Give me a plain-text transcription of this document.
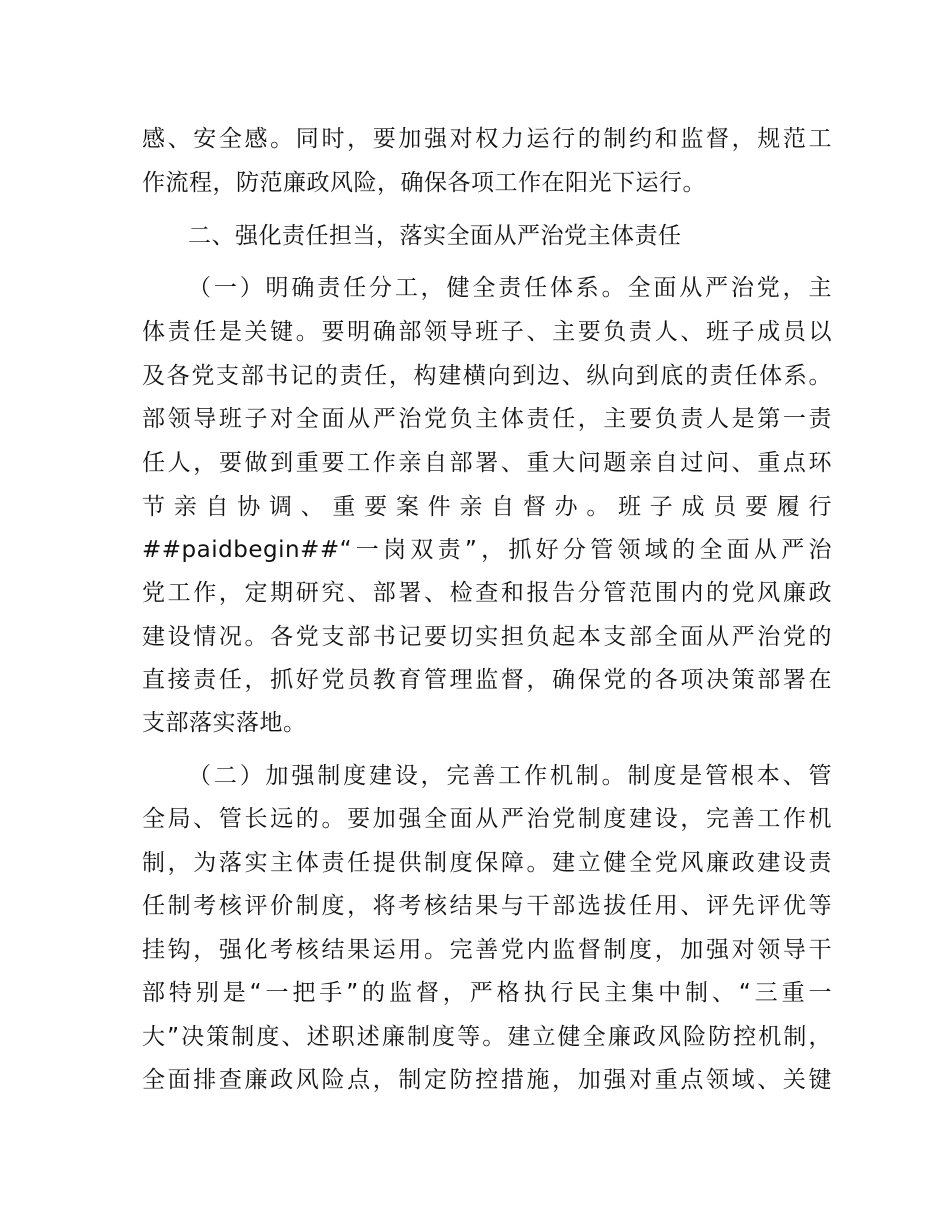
感、安全感。同时，要加强对权力运行的制约和监督，规范工
作流程，防范廉政风险，确保各项工作在阳光下运行。
二、强化责任担当，落实全面从严治党主体责任
（一）明确责任分工，健全责任体系。全面从严治党，主
体责任是关键。要明确部领导班子、主要负责人、班子成员以
及各党支部书记的责任，构建横向到边、纵向到底的责任体系。
部领导班子对全面从严治党负主体责任，主要负责人是第一责
任人，要做到重要工作亲自部署、重大问题亲自过问、重点环
节 亲 自 协 调 、 重 要 案 件 亲 自 督 办 。 班 子 成 员 要 履 行
##paidbegin##“一岗双责”，抓好分管领域的全面从严治
党工作，定期研究、部署、检查和报告分管范围内的党风廉政
建设情况。各党支部书记要切实担负起本支部全面从严治党的
直接责任，抓好党员教育管理监督，确保党的各项决策部署在
支部落实落地。
（二）加强制度建设，完善工作机制。制度是管根本、管
全局、管长远的。要加强全面从严治党制度建设，完善工作机
制，为落实主体责任提供制度保障。建立健全党风廉政建设责
任制考核评价制度，将考核结果与干部选拔任用、评先评优等
挂钩，强化考核结果运用。完善党内监督制度，加强对领导干
部特别是“一把手”的监督，严格执行民主集中制、“三重一
大”决策制度、述职述廉制度等。建立健全廉政风险防控机制，
全面排查廉政风险点，制定防控措施，加强对重点领域、关键
